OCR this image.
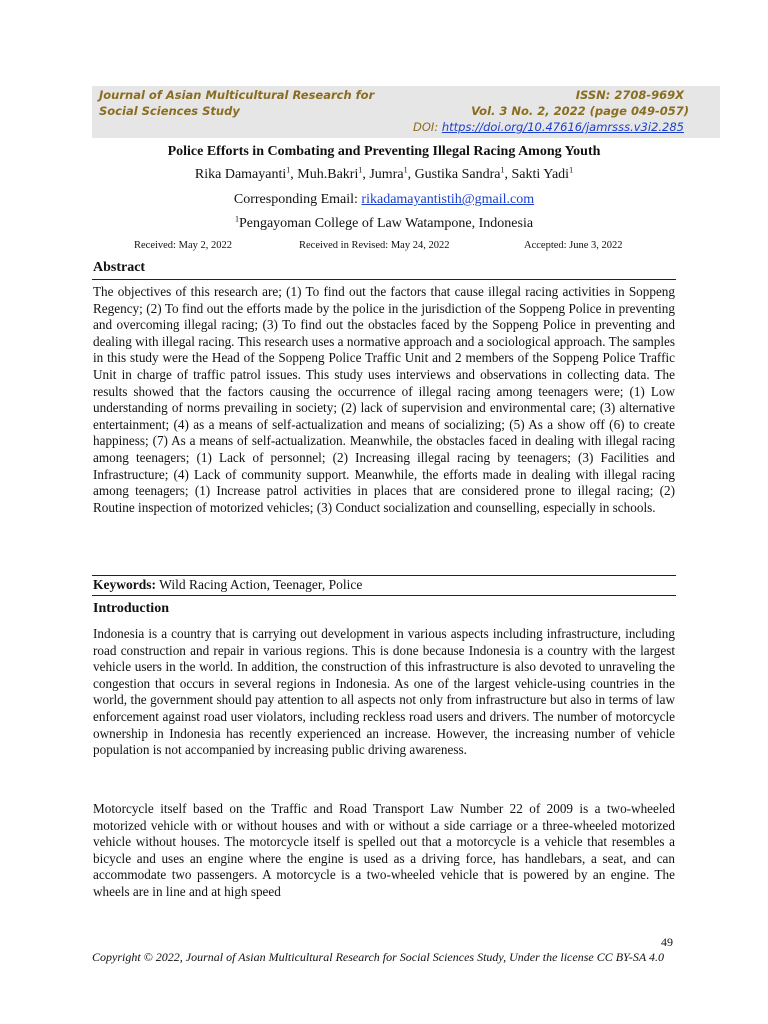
Journal of Asian Multicultural Research for
Social Sciences Study
ISSN: 2708-969X
Vol. 3 No. 2, 2022 (page 049-057)
DOI: https://doi.org/10.47616/jamrsss.v3i2.285
Police Efforts in Combating and Preventing Illegal Racing Among Youth
Rika Damayanti$^1$, Muh.Bakri$^1$, Jumra$^1$, Gustika Sandra$^1$, Sakti Yadi$^1$
Corresponding Email: rikadamayantistih@gmail.com
$^1$Pengayoman College of Law Watampone, Indonesia
Received: May 2, 2022	Received in Revised: May 24, 2022	Accepted: June 3, 2022
Abstract

The objectives of this research are; (1) To find out the factors that cause illegal racing activities in Soppeng Regency; (2) To find out the efforts made by the police in the jurisdiction of the Soppeng Police in preventing and overcoming illegal racing; (3) To find out the obstacles faced by the Soppeng Police in preventing and dealing with illegal racing. This research uses a normative approach and a sociological approach. The samples in this study were the Head of the Soppeng Police Traffic Unit and 2 members of the Soppeng Police Traffic Unit in charge of traffic patrol issues. This study uses interviews and observations in collecting data. The results showed that the factors causing the occurrence of illegal racing among teenagers were; (1) Low understanding of norms prevailing in society; (2) lack of supervision and environmental care; (3) alternative entertainment; (4) as a means of self-actualization and means of socializing; (5) As a show off (6) to create happiness; (7) As a means of self-actualization. Meanwhile, the obstacles faced in dealing with illegal racing among teenagers; (1) Lack of personnel; (2) Increasing illegal racing by teenagers; (3) Facilities and Infrastructure; (4) Lack of community support. Meanwhile, the efforts made in dealing with illegal racing among teenagers; (1) Increase patrol activities in places that are considered prone to illegal racing; (2) Routine inspection of motorized vehicles; (3) Conduct socialization and counselling, especially in schools.

Keywords: Wild Racing Action, Teenager, Police
Introduction

Indonesia is a country that is carrying out development in various aspects including infrastructure, including road construction and repair in various regions. This is done because Indonesia is a country with the largest vehicle users in the world. In addition, the construction of this infrastructure is also devoted to unraveling the congestion that occurs in several regions in Indonesia. As one of the largest vehicle-using countries in the world, the government should pay attention to all aspects not only from infrastructure but also in terms of law enforcement against road user violators, including reckless road users and drivers. The number of motorcycle ownership in Indonesia has recently experienced an increase. However, the increasing number of vehicle population is not accompanied by increasing public driving awareness.

Motorcycle itself based on the Traffic and Road Transport Law Number 22 of 2009 is a two-wheeled motorized vehicle with or without houses and with or without a side carriage or a three-wheeled motorized vehicle without houses. The motorcycle itself is spelled out that a motorcycle is a vehicle that resembles a bicycle and uses an engine where the engine is used as a driving force, has handlebars, a seat, and can accommodate two passengers. A motorcycle is a two-wheeled vehicle that is powered by an engine. The wheels are in line and at high speed

49
Copyright © 2022, Journal of Asian Multicultural Research for Social Sciences Study, Under the license CC BY-SA 4.0
